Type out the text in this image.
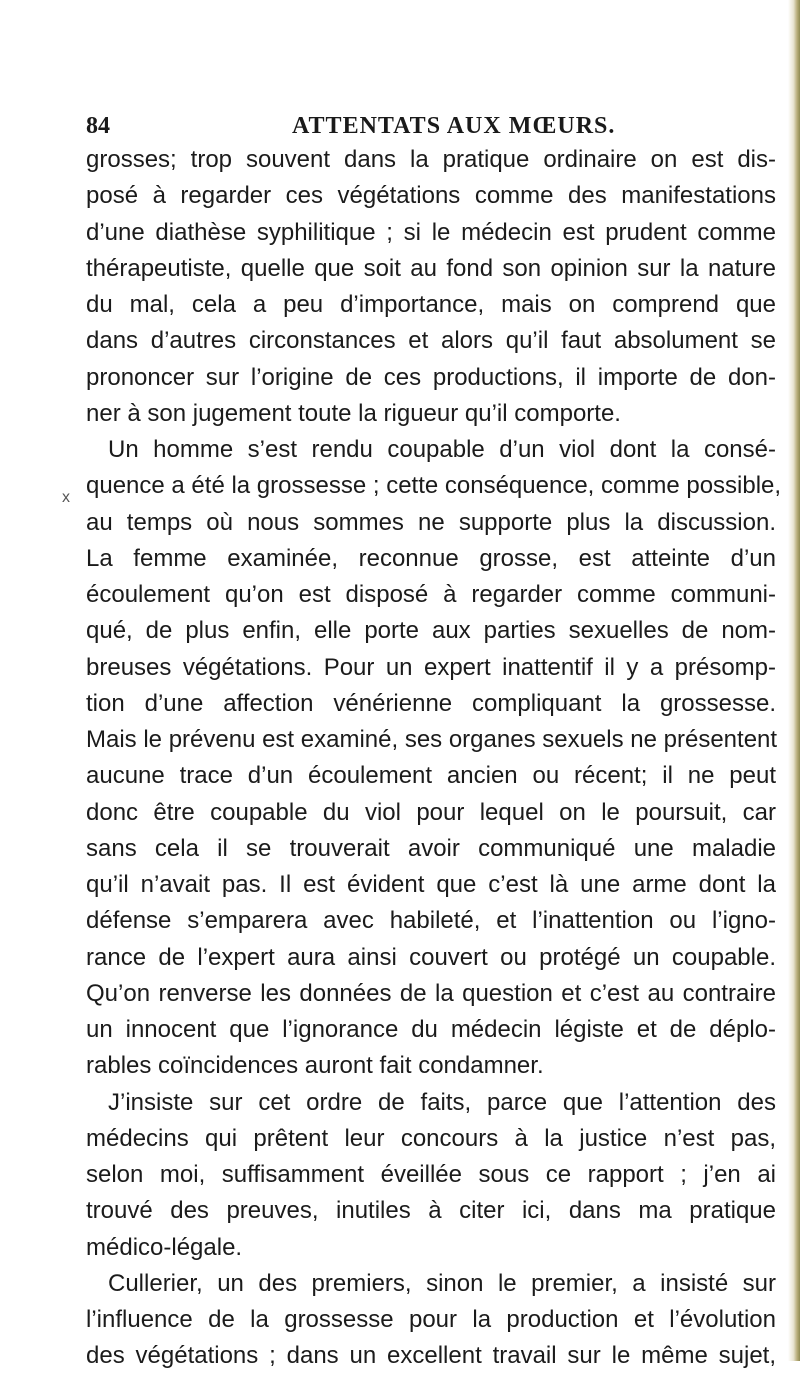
84	ATTENTATS AUX MŒURS.
x
grosses; trop souvent dans la pratique ordinaire on est dis-
posé à regarder ces végétations comme des manifestations
d’une diathèse syphilitique ; si le médecin est prudent comme
thérapeutiste, quelle que soit au fond son opinion sur la nature
du mal, cela a peu d’importance, mais on comprend que
dans d’autres circonstances et alors qu’il faut absolument se
prononcer sur l’origine de ces productions, il importe de don-
ner à son jugement toute la rigueur qu’il comporte.
Un homme s’est rendu coupable d’un viol dont la consé-
quence a été la grossesse ; cette conséquence, comme possible,
au temps où nous sommes ne supporte plus la discussion.
La femme examinée, reconnue grosse, est atteinte d’un
écoulement qu’on est disposé à regarder comme communi-
qué, de plus enfin, elle porte aux parties sexuelles de nom-
breuses végétations. Pour un expert inattentif il y a présomp-
tion d’une affection vénérienne compliquant la grossesse.
Mais le prévenu est examiné, ses organes sexuels ne présentent
aucune trace d’un écoulement ancien ou récent; il ne peut
donc être coupable du viol pour lequel on le poursuit, car
sans cela il se trouverait avoir communiqué une maladie
qu’il n’avait pas. Il est évident que c’est là une arme dont la
défense s’emparera avec habileté, et l’inattention ou l’igno-
rance de l’expert aura ainsi couvert ou protégé un coupable.
Qu’on renverse les données de la question et c’est au contraire
un innocent que l’ignorance du médecin légiste et de déplo-
rables coïncidences auront fait condamner.
J’insiste sur cet ordre de faits, parce que l’attention des
médecins qui prêtent leur concours à la justice n’est pas,
selon moi, suffisamment éveillée sous ce rapport ; j’en ai
trouvé des preuves, inutiles à citer ici, dans ma pratique
médico-légale.
Cullerier, un des premiers, sinon le premier, a insisté sur
l’influence de la grossesse pour la production et l’évolution
des végétations ; dans un excellent travail sur le même sujet,
